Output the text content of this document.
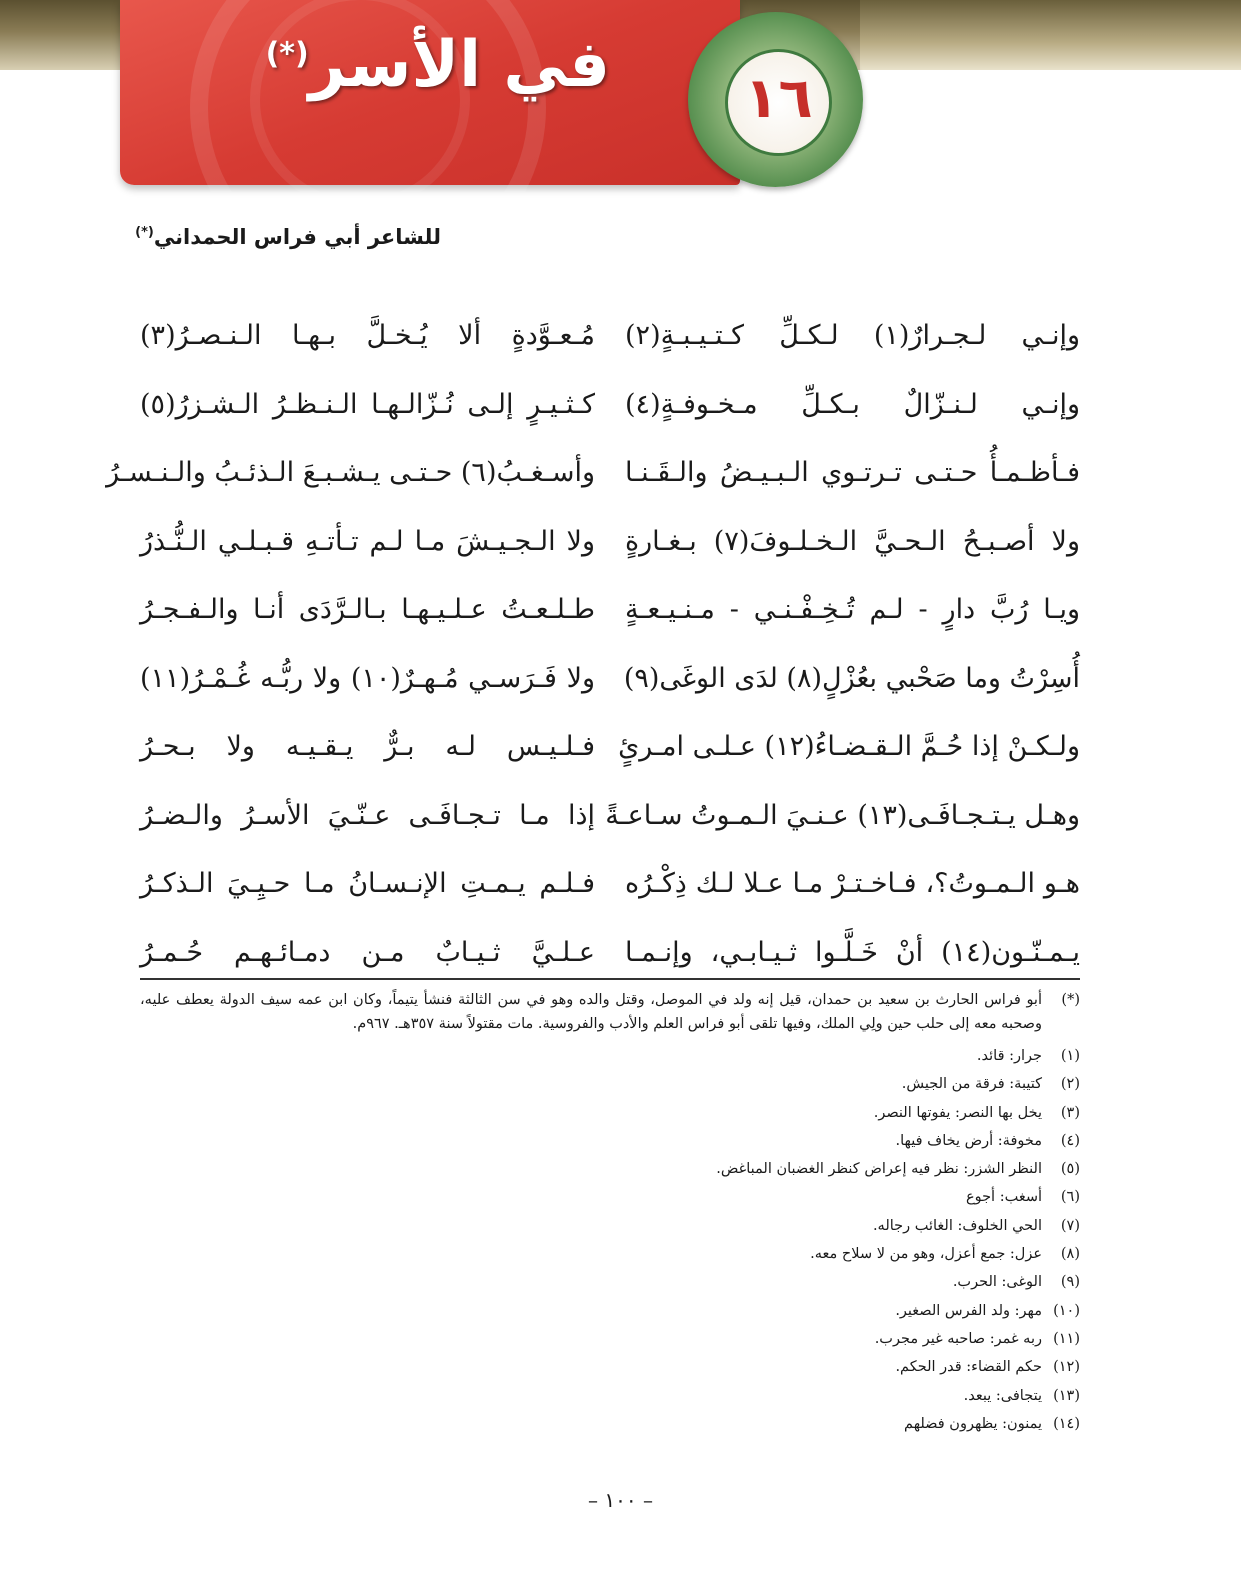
في الأسر(*)
١٦
للشاعر أبي فراس الحمداني(*)
وإنـي لـجـرارٌ(١) لـكـلِّ كـتـيـبـةٍ(٢)
مُـعـوَّدةٍ ألا يُـخـلَّ بـهـا الـنـصـرُ(٣)
وإنـي لـنـزّالٌ بـكـلِّ مـخـوفـةٍ(٤)
كـثـيـرٍ إلـى نُـزّالـهـا الـنـظـرُ الـشـزرُ(٥)
فـأظـمـأُ حـتـى تـرتـوي الـبـيـضُ والـقَـنـا
وأسـغـبُ(٦) حـتـى يـشـبـعَ الـذئـبُ والـنـسـرُ
ولا أصـبـحُ الـحـيَّ الـخـلـوفَ(٧) بـغـارةٍ
ولا الـجـيـشَ مـا لـم تـأتـهِ قـبـلـي الـنُّـذرُ
ويـا رُبَّ دارٍ - لـم تُـخِـفْـنـي - مـنـيـعـةٍ
طـلـعـتُ عـلـيـهـا بـالـرَّدَى أنـا والـفـجـرُ
أُسِرْتُ وما صَحْبي بعُزْلٍ(٨) لدَى الوغَى(٩)
ولا فَـرَسـي مُـهـرٌ(١٠) ولا ربُّـه غُـمْـرُ(١١)
ولـكـنْ إذا حُـمَّ الـقـضـاءُ(١٢) عـلـى امـرئٍ
فـلـيـس لـه بـرٌّ يـقـيـه ولا بـحـرُ
وهـل يـتـجـافَـى(١٣) عـنـيَ الـمـوتُ سـاعـةً
إذا مـا تـجـافَـى عـنّـيَ الأسـرُ والـضـرُ
هـو الـمـوتُ؟، فـاخـتـرْ مـا عـلا لـك ذِكْـرُه
فـلـم يـمـتِ الإنـسـانُ مـا حـيِـيَ الـذكـرُ
يـمـنّـون(١٤) أنْ خَـلَّـوا ثـيـابـي، وإنـمـا
عـلـيَّ ثـيـابٌ مـن دمـائـهـم حُـمـرُ
(*)
أبو فراس الحارث بن سعيد بن حمدان، قيل إنه ولد في الموصل، وقتل والده وهو في سن الثالثة فنشأ يتيماً، وكان ابن عمه سيف الدولة يعطف عليه، وصحبه معه إلى حلب حين ولِي الملك، وفيها تلقى أبو فراس العلم والأدب والفروسية. مات مقتولاً سنة ٣٥٧هـ. ٩٦٧م.
(١)
جرار: قائد.
(٢)
كتيبة: فرقة من الجيش.
(٣)
يخل بها النصر: يفوتها النصر.
(٤)
مخوفة: أرض يخاف فيها.
(٥)
النظر الشزر: نظر فيه إعراض كنظر الغضبان المباغض.
(٦)
أسغب: أجوع
(٧)
الحي الخلوف: الغائب رجاله.
(٨)
عزل: جمع أعزل، وهو من لا سلاح معه.
(٩)
الوغى: الحرب.
(١٠)
مهر: ولد الفرس الصغير.
(١١)
ربه غمر: صاحبه غير مجرب.
(١٢)
حكم القضاء: قدر الحكم.
(١٣)
يتجافى: يبعد.
(١٤)
يمنون: يظهرون فضلهم
– ١٠٠ –
